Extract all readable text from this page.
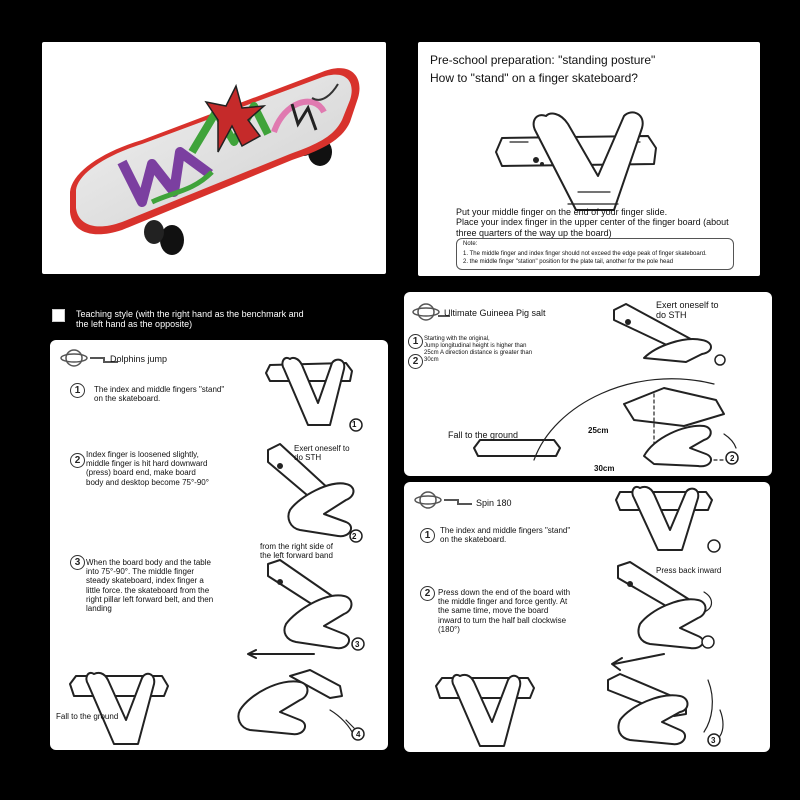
Pre-school preparation: "standing posture"
How to "stand" on a finger skateboard?
Put your middle finger on the end of your finger slide.
Place your index finger in the upper center of the finger board (about three quarters of the way up the board)
Note:
1. The middle finger and index finger should not exceed the edge peak of finger skateboard.
2. the middle finger "station" position for the plate tail, another for the pole head
Teaching style (with the right hand as the benchmark and
the left hand as the opposite)
Dolphins jump
1	The index and middle fingers "stand"
on the skateboard.
1
2
Index finger is loosened slightly,
middle finger is hit hard downward
(press) board end, make board
body and desktop become 75°-90°
2
Exert oneself to
do STH
3 When the board body and the table
into 75°-90°. The middle finger
steady skateboard, index finger a
little force. the skateboard from the
right pillar left forward belt, and then
landing
from the right side of
the left forward band
3
Fall to the ground
4
Ultimate Guineea Pig salt
Exert oneself to
do STH
1
2
Starting with the original,
Jump longitudinal height is higher than
25cm A direction distance is greater than
30cm
Fall to the ground	25cm
30cm
2
Spin 180
1	The index and middle fingers "stand"
on the skateboard.
Press back inward
2 Press down the end of the board with
the middle finger and force gently. At
the same time, move the board
inward to turn the half ball clockwise
(180°)
3
